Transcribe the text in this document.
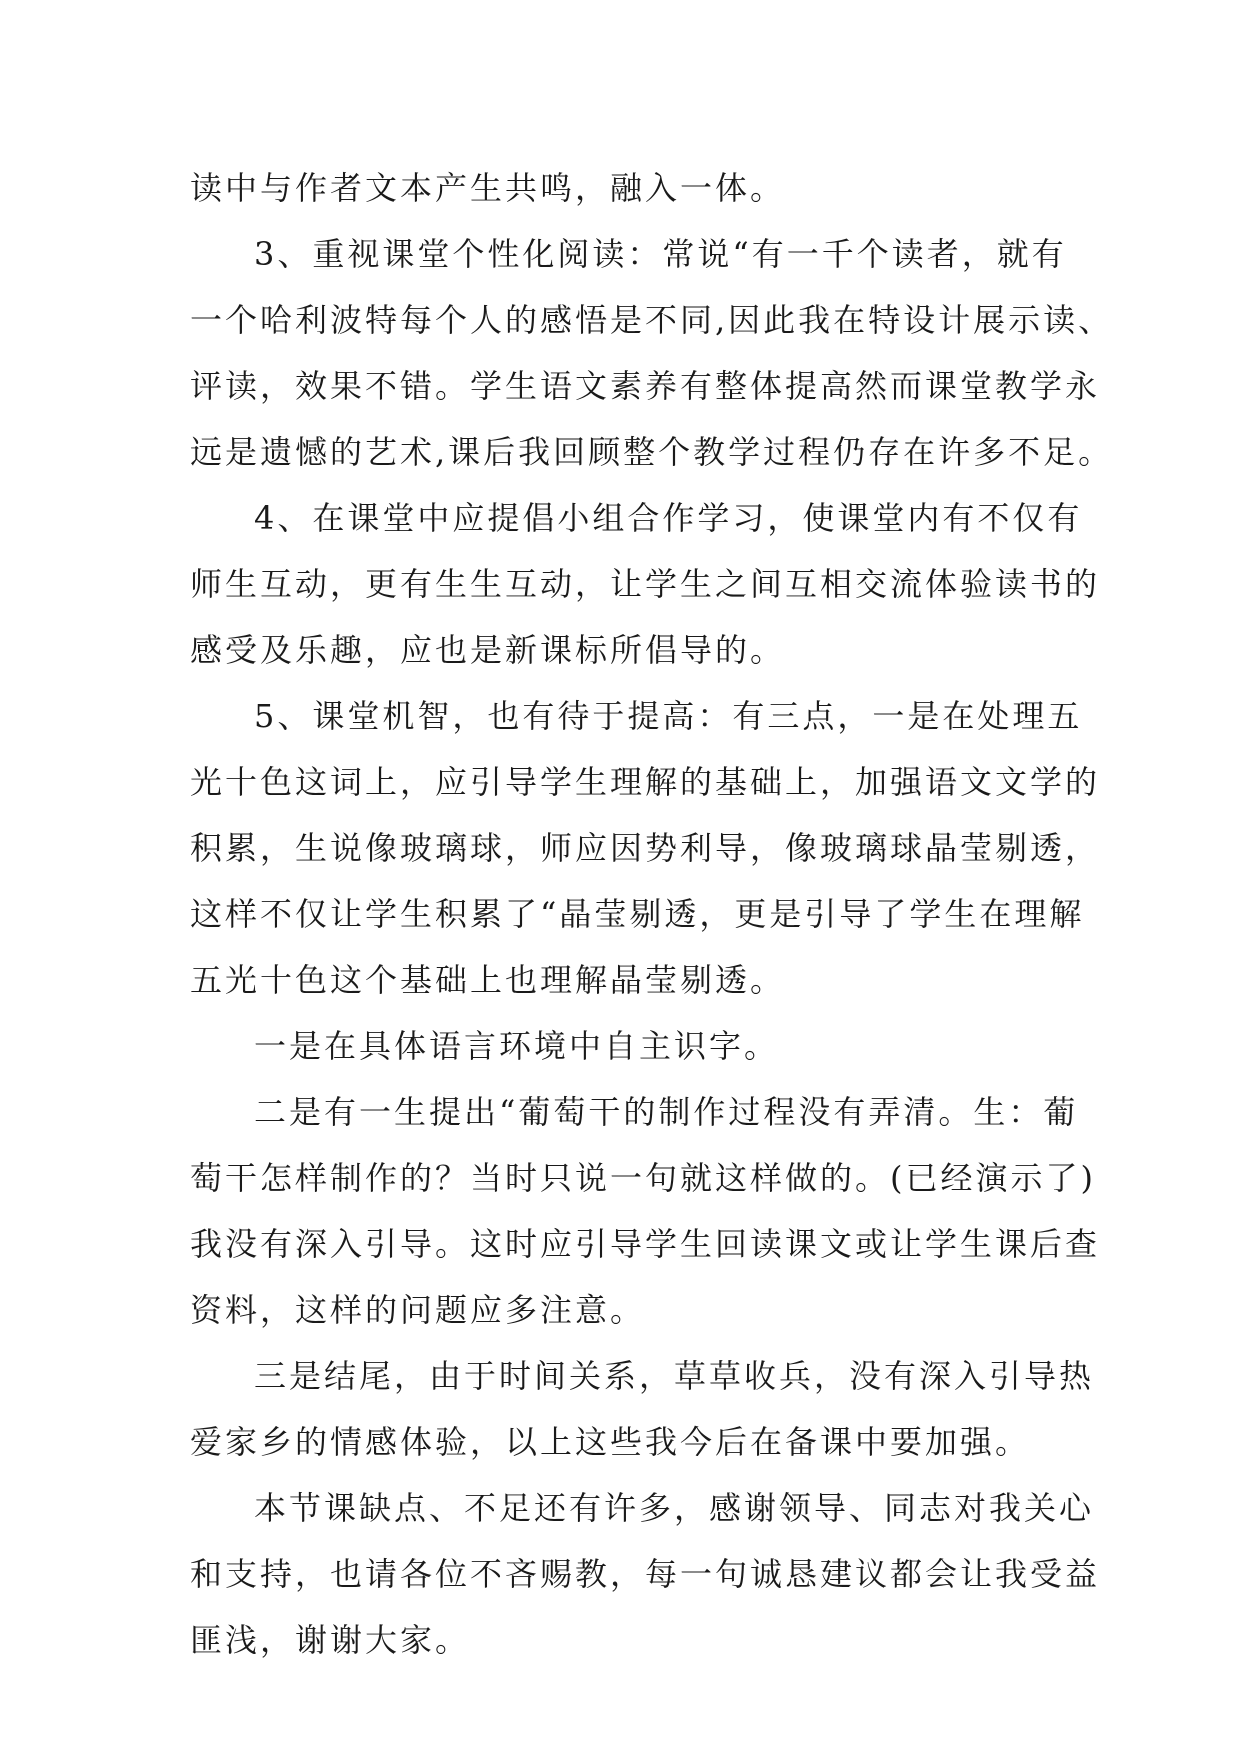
读中与作者文本产生共鸣，融入一体。
3、重视课堂个性化阅读：常说“有一千个读者，就有
一个哈利波特每个人的感悟是不同,因此我在特设计展示读、
评读，效果不错。学生语文素养有整体提高然而课堂教学永
远是遗憾的艺术,课后我回顾整个教学过程仍存在许多不足。
4、在课堂中应提倡小组合作学习，使课堂内有不仅有
师生互动，更有生生互动，让学生之间互相交流体验读书的
感受及乐趣，应也是新课标所倡导的。
5、课堂机智，也有待于提高：有三点，一是在处理五
光十色这词上，应引导学生理解的基础上，加强语文文学的
积累，生说像玻璃球，师应因势利导，像玻璃球晶莹剔透，
这样不仅让学生积累了“晶莹剔透，更是引导了学生在理解
五光十色这个基础上也理解晶莹剔透。
一是在具体语言环境中自主识字。
二是有一生提出“葡萄干的制作过程没有弄清。生：葡
萄干怎样制作的？当时只说一句就这样做的。(已经演示了)
我没有深入引导。这时应引导学生回读课文或让学生课后查
资料，这样的问题应多注意。
三是结尾，由于时间关系，草草收兵，没有深入引导热
爱家乡的情感体验，以上这些我今后在备课中要加强。
本节课缺点、不足还有许多，感谢领导、同志对我关心
和支持，也请各位不吝赐教，每一句诚恳建议都会让我受益
匪浅，谢谢大家。
